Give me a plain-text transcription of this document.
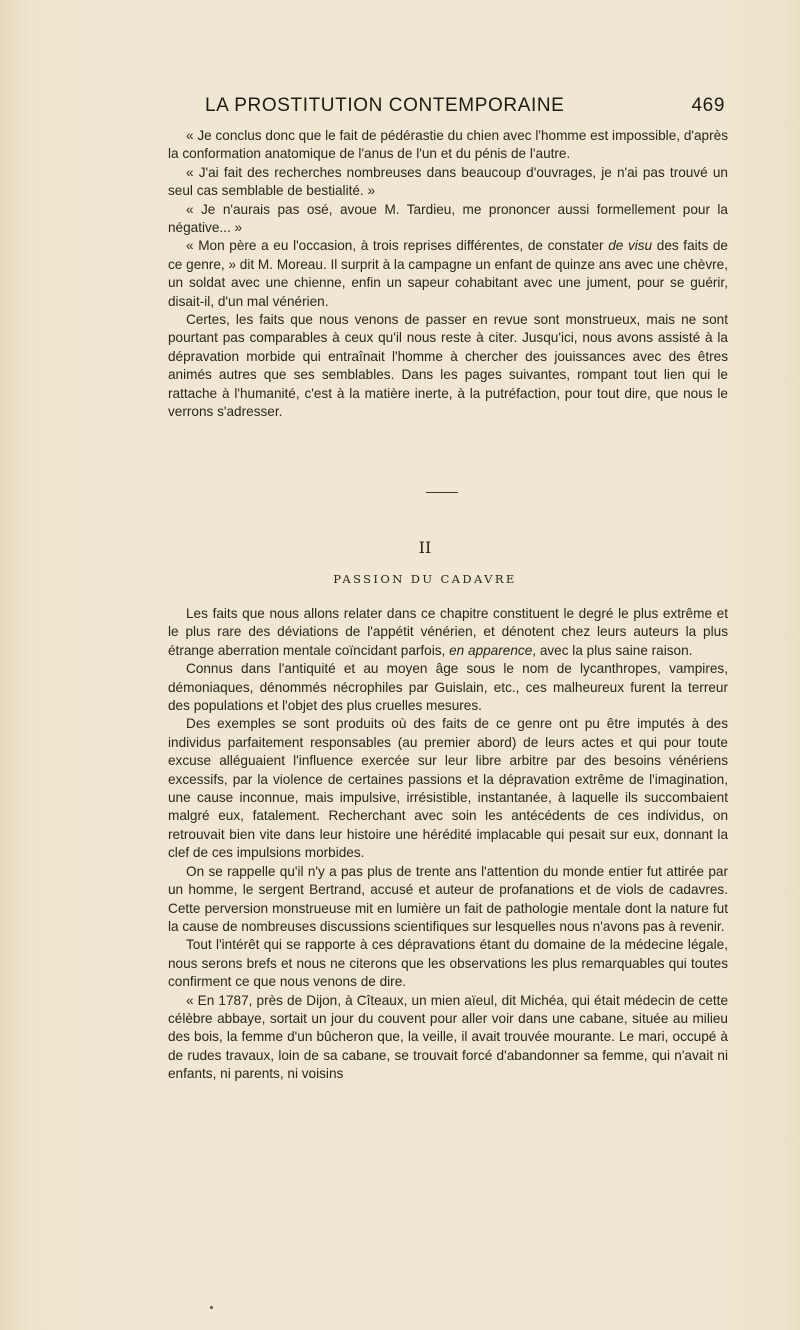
LA PROSTITUTION CONTEMPORAINE	469

« Je conclus donc que le fait de pédérastie du chien avec l'homme est impossible, d'après la conformation anatomique de l'anus de l'un et du pénis de l'autre.

« J'ai fait des recherches nombreuses dans beaucoup d'ouvrages, je n'ai pas trouvé un seul cas semblable de bestialité. »

« Je n'aurais pas osé, avoue M. Tardieu, me prononcer aussi formellement pour la négative... »

« Mon père a eu l'occasion, à trois reprises différentes, de constater de visu des faits de ce genre, » dit M. Moreau. Il surprit à la campagne un enfant de quinze ans avec une chèvre, un soldat avec une chienne, enfin un sapeur cohabitant avec une jument, pour se guérir, disait-il, d'un mal vénérien.

Certes, les faits que nous venons de passer en revue sont monstrueux, mais ne sont pourtant pas comparables à ceux qu'il nous reste à citer. Jusqu'ici, nous avons assisté à la dépravation morbide qui entraînait l'homme à chercher des jouissances avec des êtres animés autres que ses semblables. Dans les pages suivantes, rompant tout lien qui le rattache à l'humanité, c'est à la matière inerte, à la putréfaction, pour tout dire, que nous le verrons s'adresser.

II
PASSION DU CADAVRE

Les faits que nous allons relater dans ce chapitre constituent le degré le plus extrême et le plus rare des déviations de l'appétit vénérien, et dénotent chez leurs auteurs la plus étrange aberration mentale coïncidant parfois, en apparence, avec la plus saine raison.

Connus dans l'antiquité et au moyen âge sous le nom de lycanthropes, vampires, démoniaques, dénommés nécrophiles par Guislain, etc., ces malheureux furent la terreur des populations et l'objet des plus cruelles mesures.

Des exemples se sont produits où des faits de ce genre ont pu être imputés à des individus parfaitement responsables (au premier abord) de leurs actes et qui pour toute excuse alléguaient l'influence exercée sur leur libre arbitre par des besoins vénériens excessifs, par la violence de certaines passions et la dépravation extrême de l'imagination, une cause inconnue, mais impulsive, irrésistible, instantanée, à laquelle ils succombaient malgré eux, fatalement. Recherchant avec soin les antécédents de ces individus, on retrouvait bien vite dans leur histoire une hérédité implacable qui pesait sur eux, donnant la clef de ces impulsions morbides.

On se rappelle qu'il n'y a pas plus de trente ans l'attention du monde entier fut attirée par un homme, le sergent Bertrand, accusé et auteur de profanations et de viols de cadavres. Cette perversion monstrueuse mit en lumière un fait de pathologie mentale dont la nature fut la cause de nombreuses discussions scientifiques sur lesquelles nous n'avons pas à revenir.

Tout l'intérêt qui se rapporte à ces dépravations étant du domaine de la médecine légale, nous serons brefs et nous ne citerons que les observations les plus remarquables qui toutes confirment ce que nous venons de dire.

« En 1787, près de Dijon, à Cîteaux, un mien aïeul, dit Michéa, qui était médecin de cette célèbre abbaye, sortait un jour du couvent pour aller voir dans une cabane, située au milieu des bois, la femme d'un bûcheron que, la veille, il avait trouvée mourante. Le mari, occupé à de rudes travaux, loin de sa cabane, se trouvait forcé d'abandonner sa femme, qui n'avait ni enfants, ni parents, ni voisins
